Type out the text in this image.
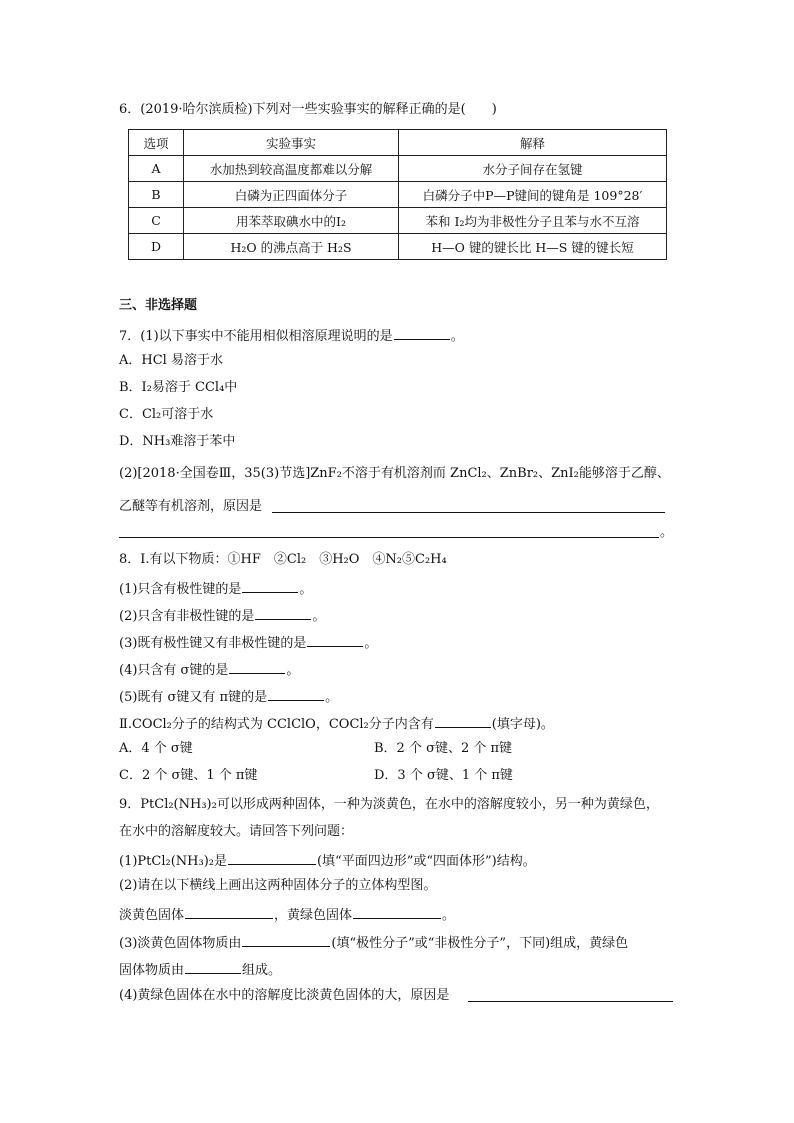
6．(2019·哈尔滨质检)下列对一些实验事实的解释正确的是(　　)
选项	实验事实	解释
A	水加热到较高温度都难以分解	水分子间存在氢键
B	白磷为正四面体分子	白磷分子中P—P键间的键角是 109°28′
C	用苯萃取碘水中的I₂	苯和 I₂均为非极性分子且苯与水不互溶
D	H₂O 的沸点高于 H₂S	H—O 键的键长比 H—S 键的键长短
三、非选择题
7．(1)以下事实中不能用相似相溶原理说明的是	。
A．HCl 易溶于水
B．I₂易溶于 CCl₄中
C．Cl₂可溶于水
D．NH₃难溶于苯中
(2)[2018·全国卷Ⅲ，35(3)节选]ZnF₂不溶于有机溶剂而 ZnCl₂、ZnBr₂、ZnI₂能够溶于乙醇、
乙醚等有机溶剂，原因是
。
8．Ⅰ.有以下物质：①HF　②Cl₂　③H₂O　④N₂⑤C₂H₄
(1)只含有极性键的是	。
(2)只含有非极性键的是	。
(3)既有极性键又有非极性键的是	。
(4)只含有 σ键的是	。
(5)既有 σ键又有 π键的是	。
Ⅱ.COCl₂分子的结构式为 CClClO，COCl₂分子内含有	(填字母)。
A．4 个 σ键	B．2 个 σ键、2 个 π键
C．2 个 σ键、1 个 π键	D．3 个 σ键、1 个 π键
9．PtCl₂(NH₃)₂可以形成两种固体，一种为淡黄色，在水中的溶解度较小，另一种为黄绿色，
在水中的溶解度较大。请回答下列问题：
(1)PtCl₂(NH₃)₂是	(填“平面四边形”或“四面体形”)结构。
(2)请在以下横线上画出这两种固体分子的立体构型图。
淡黄色固体	，黄绿色固体	。
(3)淡黄色固体物质由	(填“极性分子”或“非极性分子”，下同)组成，黄绿色
固体物质由	组成。
(4)黄绿色固体在水中的溶解度比淡黄色固体的大，原因是
